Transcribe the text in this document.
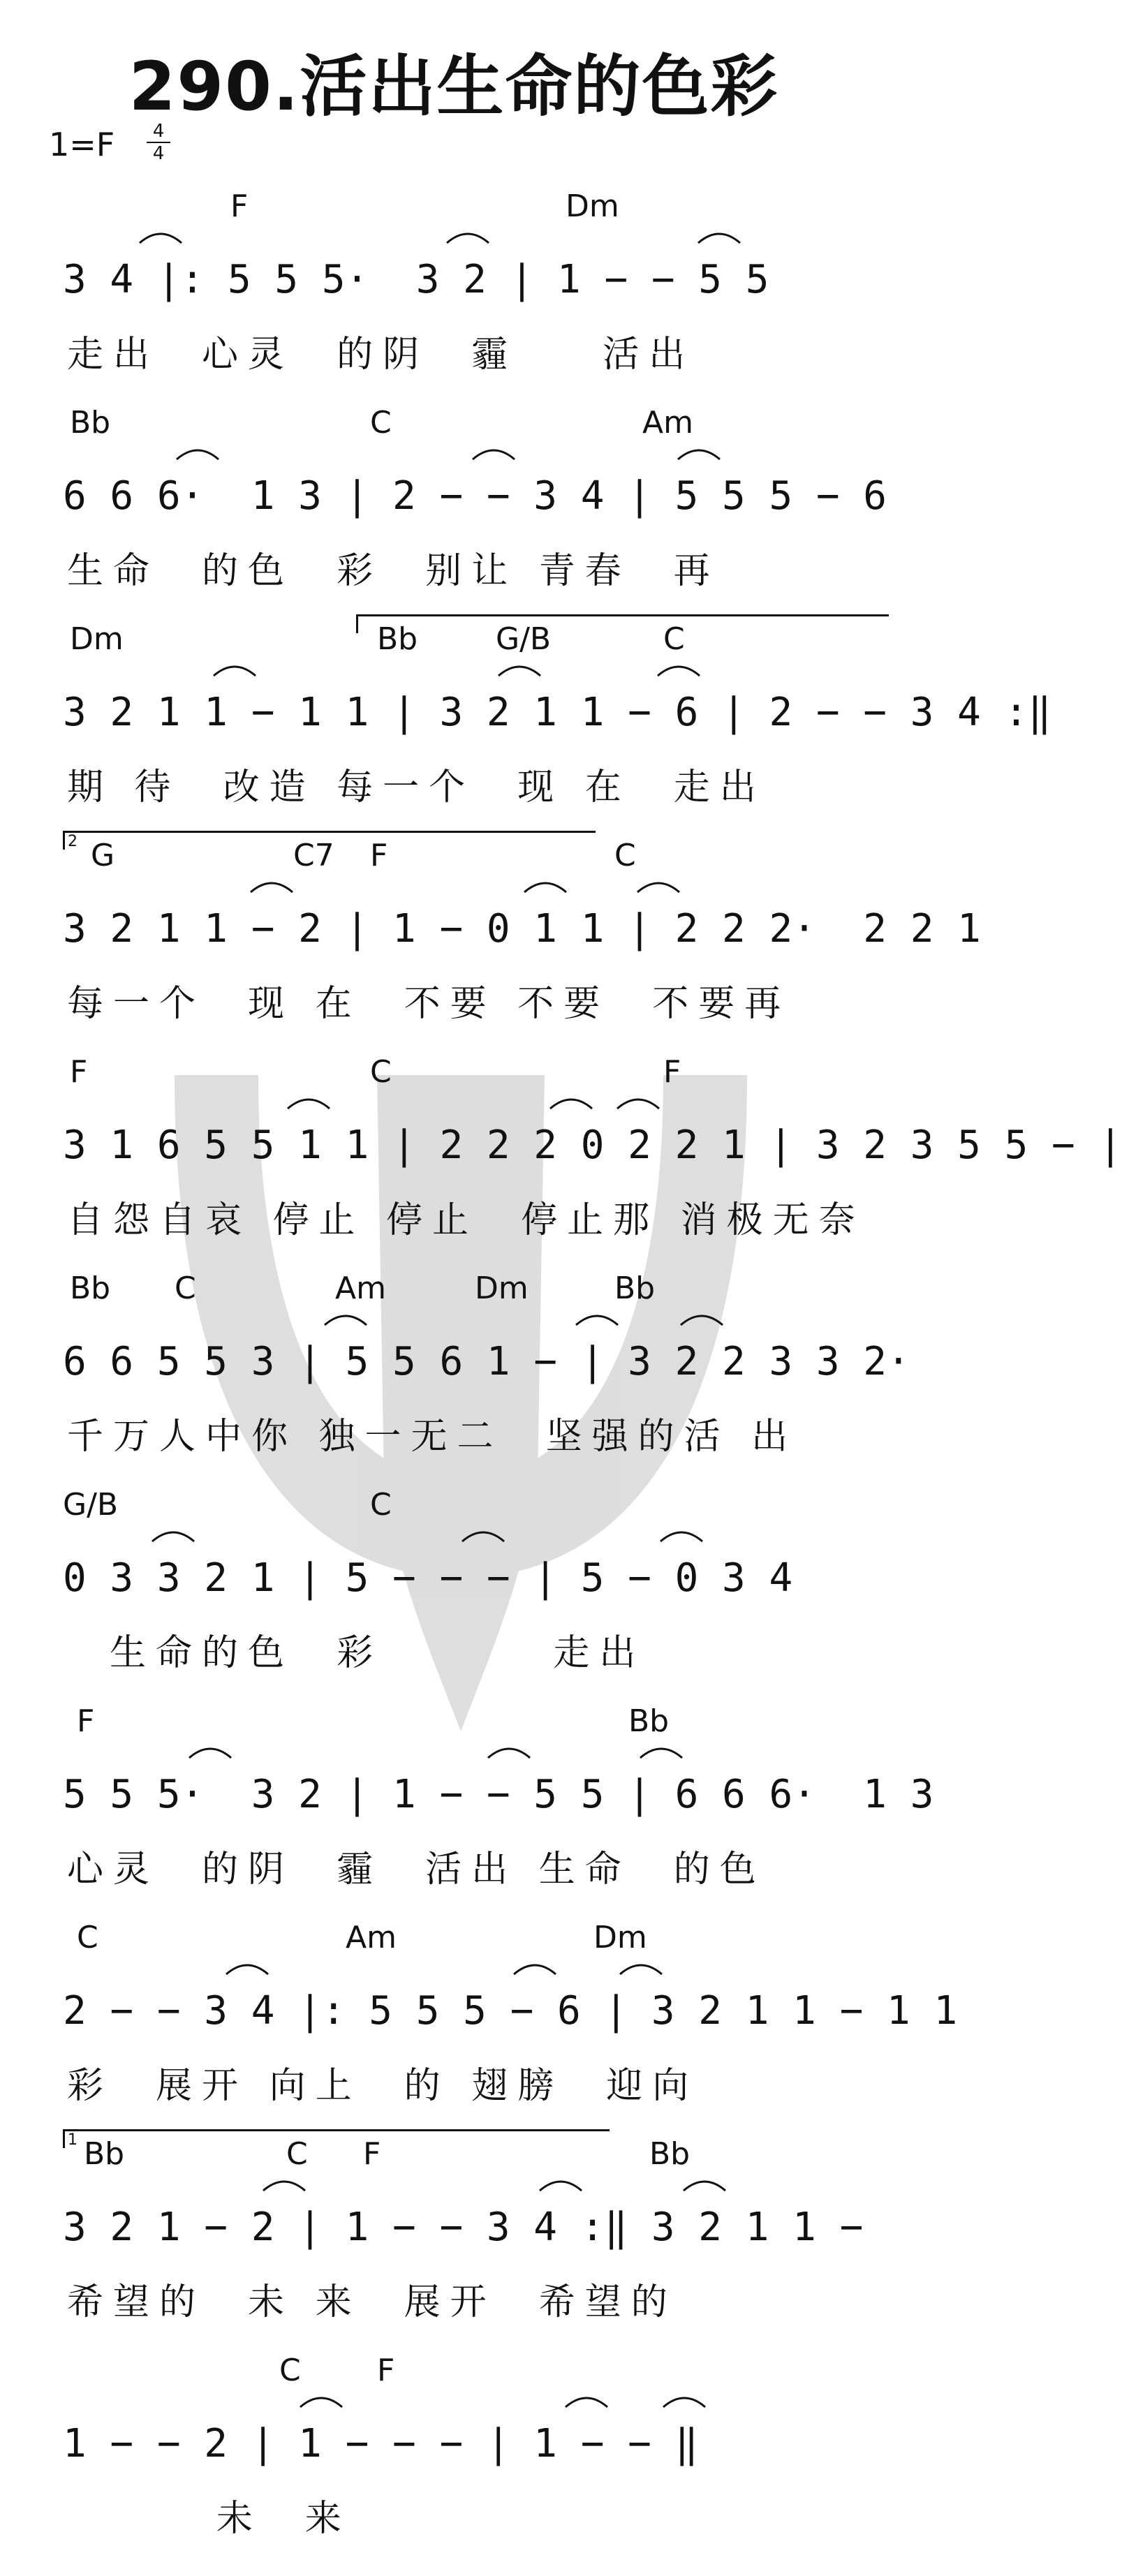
290.活出生命的色彩
1=F	4
4
F	Dm
3 4 |: 5 5 5·  3 2 | 1 − − 5 5
走出  心灵  的阴  霾    活出
Bb	C	Am
6 6 6·  1 3 | 2 − − 3 4 | 5 5 5 − 6
生命  的色  彩  别让 青春  再
Dm	Bb	G/B	C
3 2 1 1 − 1 1 | 3 2 1 1 − 6 | 2 − − 3 4 :‖
期 待  改造 每一个  现 在  走出
G	C7 F	C
2
3 2 1 1 − 2 | 1 − 0 1 1 | 2 2 2·  2 2 1
每一个  现 在  不要 不要  不要再
F	C	F
3 1 6 5 5 1 1 | 2 2 2 0 2 2 1 | 3 2 3 5 5 − |
自怨自哀 停止 停止  停止那 消极无奈
Bb C	Am	Dm	Bb
6 6 5 5 3 | 5 5 6 1 − | 3 2 2 3 3 2·
千万人中你 独一无二  坚强的活 出
G/B	C
0 3 3 2 1 | 5 − − − | 5 − 0 3 4
生命的色  彩        走出
F	Bb
5 5 5·  3 2 | 1 − − 5 5 | 6 6 6·  1 3
心灵  的阴  霾  活出 生命  的色
C	Am	Dm
2 − − 3 4 |: 5 5 5 − 6 | 3 2 1 1 − 1 1
彩  展开 向上  的 翅膀  迎向
Bb	C F	Bb
1
3 2 1 − 2 | 1 − − 3 4 :‖ 3 2 1 1 −
希望的  未 来  展开  希望的
C F
1 − − 2 | 1 − − − | 1 − − ‖
未  来
